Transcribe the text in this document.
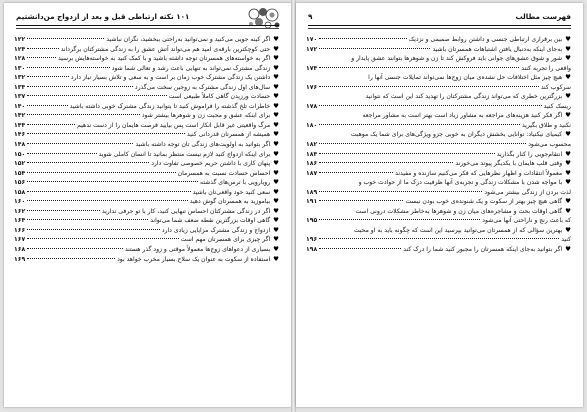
۱۰۱ نکته ارتباطی قبل و بعد از ازدواج من‌دانشتیم
♥
اگر کینه جویی می‌کنید و نمی‌توانید به‌راحتی ببخشید، نگران نباشید
۱۲۲
♥
حتی کوچکترین بارقه‌ی امید هم می‌تواند آتش عشق را به زندگی مشترکتان برگرداند
۱۲۴
♥
اگر به خواسته‌های همسرتان توجه داشته باشید و با کمک کنید به خواسته‌هایش برسید
۱۲۸
♥
زندگی مشترک نمی‌تواند به تنهایی باعث رشد و تعالی شما شود
۱۳۰
♥
داشتن یک زندگی مشترک خوب زمان بر است و به سعی و تلاش بسیار نیاز دارد
۱۳۲
♥
سال‌های اول زندگی مشترک به زوجین سخت می‌گذرد
۱۳۴
♥
حسادت ورزیدن گاهی کاملاً طبیعی است
۱۳۷
♥
خاطرات تلخ گذشته را فراموش کنید تا بتوانید زندگی مشترک خوبی داشته باشید
۱۴۰
♥
برای اینکه عشق و محبت زن و شوهرها بیشتر شود
۱۴۲
♥
مرگ واقعیتی غیر قابل انکار است پس بیایید فرصت هایمان را از دست ندهیم
۱۴۴
♥
همیشه از همسرتان قدردانی کنید
۱۴۶
♥
اگر بتوانید به اولویت‌های زندگی تان توجه داشته باشید
۱۴۸
♥
برای اینکه ازدواج کنید لازم نیست منتظر بمانید تا انسان کاملی شوید
۱۵۰
♥
پنهان کاری با داشتن حریم خصوصی تفاوت دارد
۱۵۲
♥
احساس حسادت نسبت به همسرمان
۱۵۴
♥
رویارویی با ترس‌های گذشته
۱۵۶
♥
سعی کنید خود واقعی‌تان باشید
۱۵۸
♥
بیاموزید به همسرتان گوش دهید
۱۶۰
♥
اگر در زندگی مشترکتان احساس تنهایی کنید، کار با تو حرفی ندارید
۱۶۲
♥
گاهی اوقات بزرگترین نقطه ضعف شما می‌تواند
۱۶۴
♥
ازدواج و زندگی مشترک مزایایی زیادی دارد
۱۶۶
♥
اگر چیزی برای همسرتان مهم است
۱۶۷
♥
بسیاری از دعواهای زوج‌ها معمولاً موقتی و زود گذر هستند
۱۶۸
♥
استفاده از سکوت به عنوان یک سلاح بسیار مخرب خواهد بود
۱۶۹
فهرست مطالب
۹
♥
بین برقراری ارتباطی جنسی و داشتن روابط صمیمی و نزدیک
۱۷۰
♥
به‌جای اینکه به‌دنبال یافتن اشتباهات همسرتان باشید
۱۷۲
♥
شور و شوق عشق‌های جوانی باید فروکش کند تا زن و شوهرها بتوانند عشق پایدار و
واقعی را تجربه کنند
۱۷۴
♥
هیچ چیز مثل اختلافات حل نشده‌ی میان زوج‌ها نمی‌تواند تمایلات جنسی آنها را
سرکوب کند
۱۷۶
♥
بزرگترین خطری که می‌تواند زندگی مشترکتان را تهدید کند این است که نتوانید
ریسک کنید
۱۷۸
♥
اگر فکر کنید هزینه‌های مراجعه به مشاور زیاد است بهتر است به مشاور مراجعه
نکنید و طلاق بگیرید
۱۸۰
♥
کیمیای نیکنیاد: توانایی بخشش دیگران به خوبی جزو ویژگی‌های برای شما یک موهبت
محسوب می‌شود
۱۸۲
♥
انتقام‌جویی را کنار بگذارید
۱۸۴
♥
وقتی قلب هایمان با یکدیگر پیوند می‌خورند
۱۸۶
♥
معمولاً انتقادات و اظهار نظرهایی که فکر می‌کنیم سازنده و مفیدند
۱۸۷
♥
با مواجه شدن با مشکلات زندگی و تجربه‌ی آنها ظرفیت درک ما از حوادث خوب و
لذت بردن از زندگی بیشتر می‌شود
۱۸۹
♥
گاهی هیچ چیز بهتر از سکوت و یک شنونده‌ی خوب بودن نیست
۱۹۱
♥
گاهی اوقات بحث و مشاجره‌های میان زن و شوهرها به‌خاطر مشکلات درونی است
که باعث رنج و ناراحتی آنها می‌شود
۱۹۵
♥
بهترین سؤالی که از همسرتان می‌توانید بپرسید این است که چگونه باید به او محبت
کنید
۱۹۶
♥
اگر بتوانید به‌جای اینکه همسرتان را مجبور کنید شما را درک کند
۱۹۸
